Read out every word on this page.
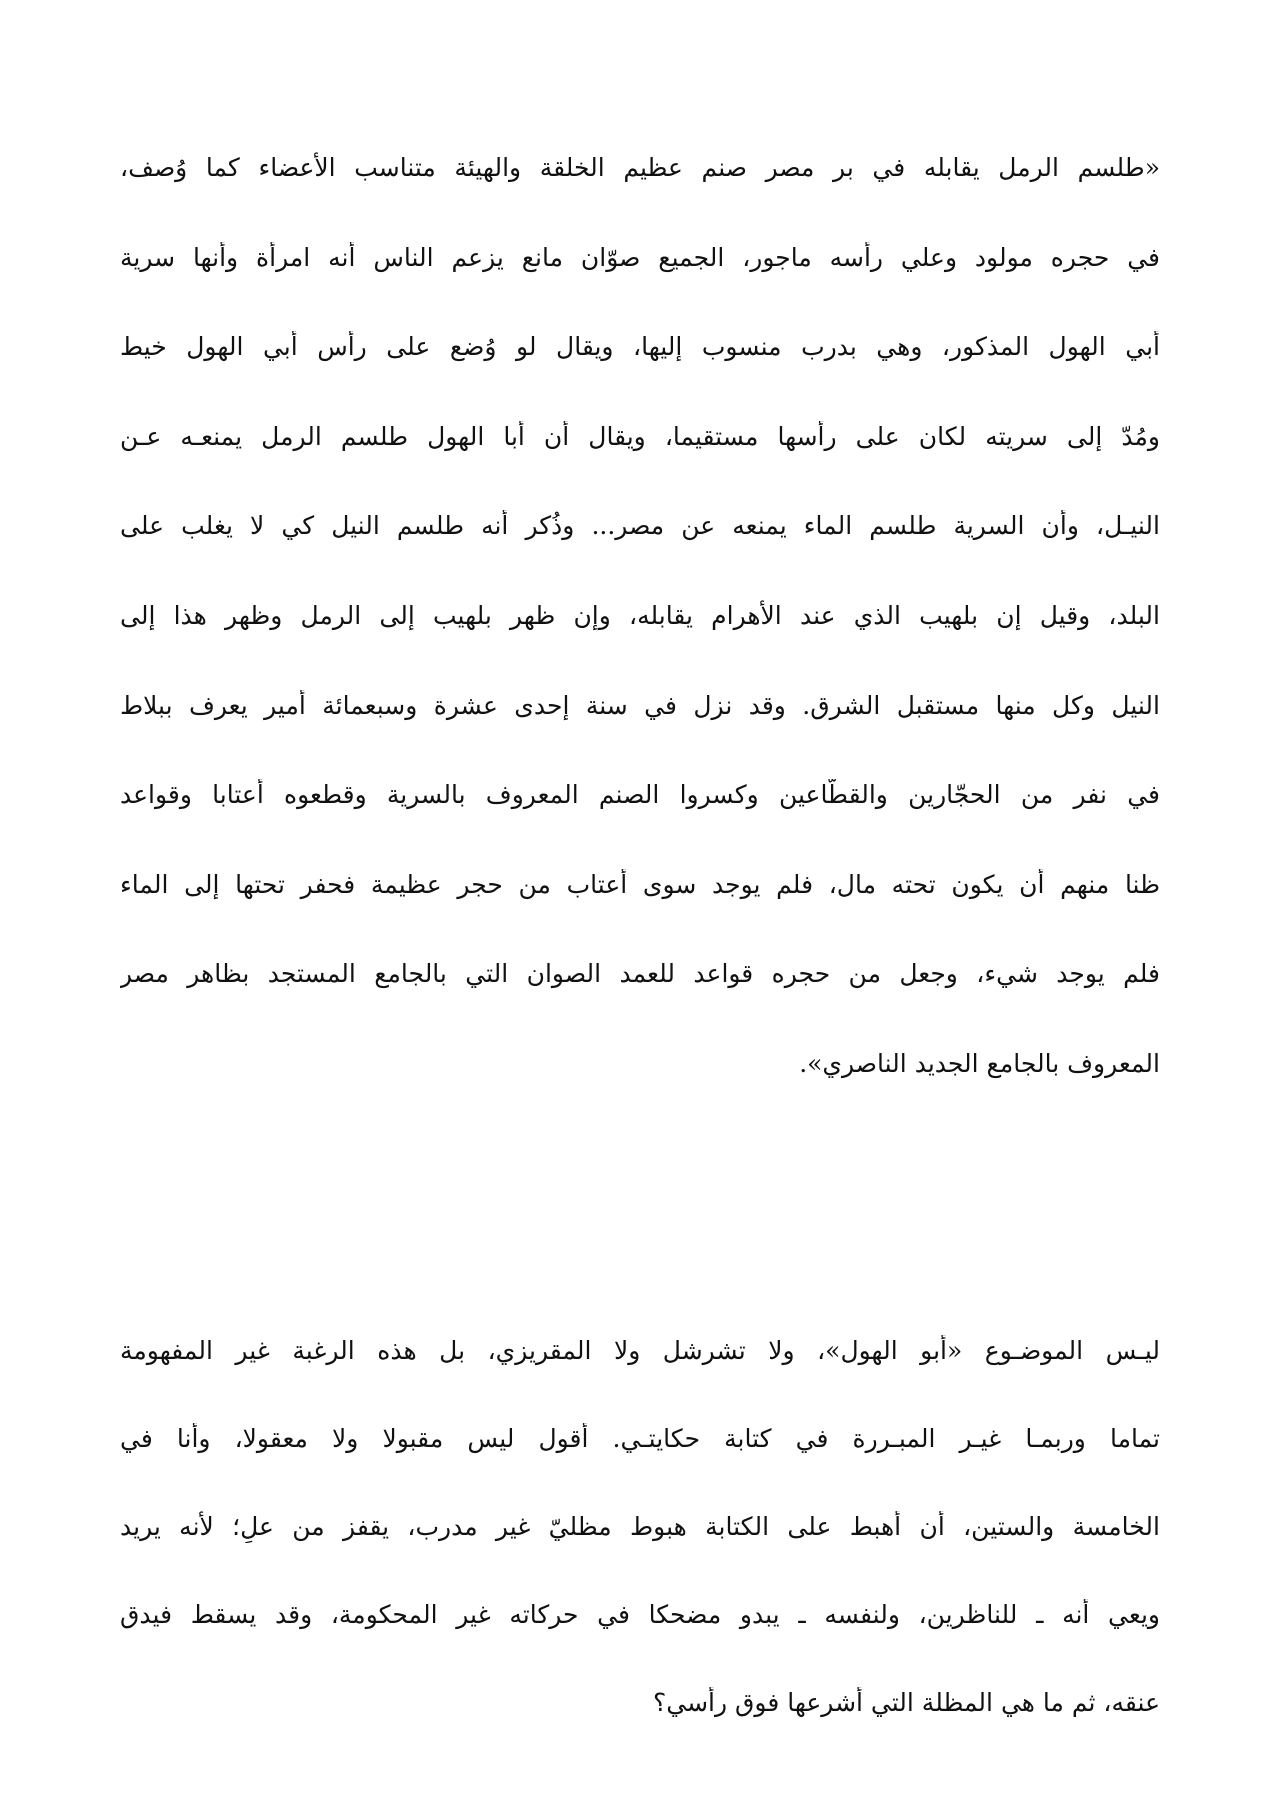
«طلسم الرمل يقابله في بر مصر صنم عظيم الخلقة والهيئة متناسب الأعضاء كما وُصف،
في حجره مولود وعلي رأسه ماجور، الجميع صوّان مانع يزعم الناس أنه امرأة وأنها سرية
أبي الهول المذكور، وهي بدرب منسوب إليها، ويقال لو وُضع على رأس أبي الهول خيط
ومُدّ إلى سريته لكان على رأسها مستقيما، ويقال أن أبا الهول طلسم الرمل يمنعـه عـن
النيـل، وأن السرية طلسم الماء يمنعه عن مصر... وذُكر أنه طلسم النيل كي لا يغلب على
البلد، وقيل إن بلهيب الذي عند الأهرام يقابله، وإن ظهر بلهيب إلى الرمل وظهر هذا إلى
النيل وكل منها مستقبل الشرق. وقد نزل في سنة إحدى عشرة وسبعمائة أمير يعرف ببلاط
في نفر من الحجّارين والقطّاعين وكسروا الصنم المعروف بالسرية وقطعوه أعتابا وقواعد
ظنا منهم أن يكون تحته مال، فلم يوجد سوى أعتاب من حجر عظيمة فحفر تحتها إلى الماء
فلم يوجد شيء، وجعل من حجره قواعد للعمد الصوان التي بالجامع المستجد بظاهر مصر
المعروف بالجامع الجديد الناصري».
ليـس الموضـوع «أبو الهول»، ولا تشرشل ولا المقريزي، بل هذه الرغبة غير المفهومة
تماما وربمـا غيـر المبـررة في كتابة حكايتـي. أقول ليس مقبولا ولا معقولا، وأنا في
الخامسة والستين، أن أهبط على الكتابة هبوط مظليّ غير مدرب، يقفز من علٍ؛ لأنه يريد
ويعي أنه ـ للناظرين، ولنفسه ـ يبدو مضحكا في حركاته غير المحكومة، وقد يسقط فيدق
عنقه، ثم ما هي المظلة التي أشرعها فوق رأسي؟
